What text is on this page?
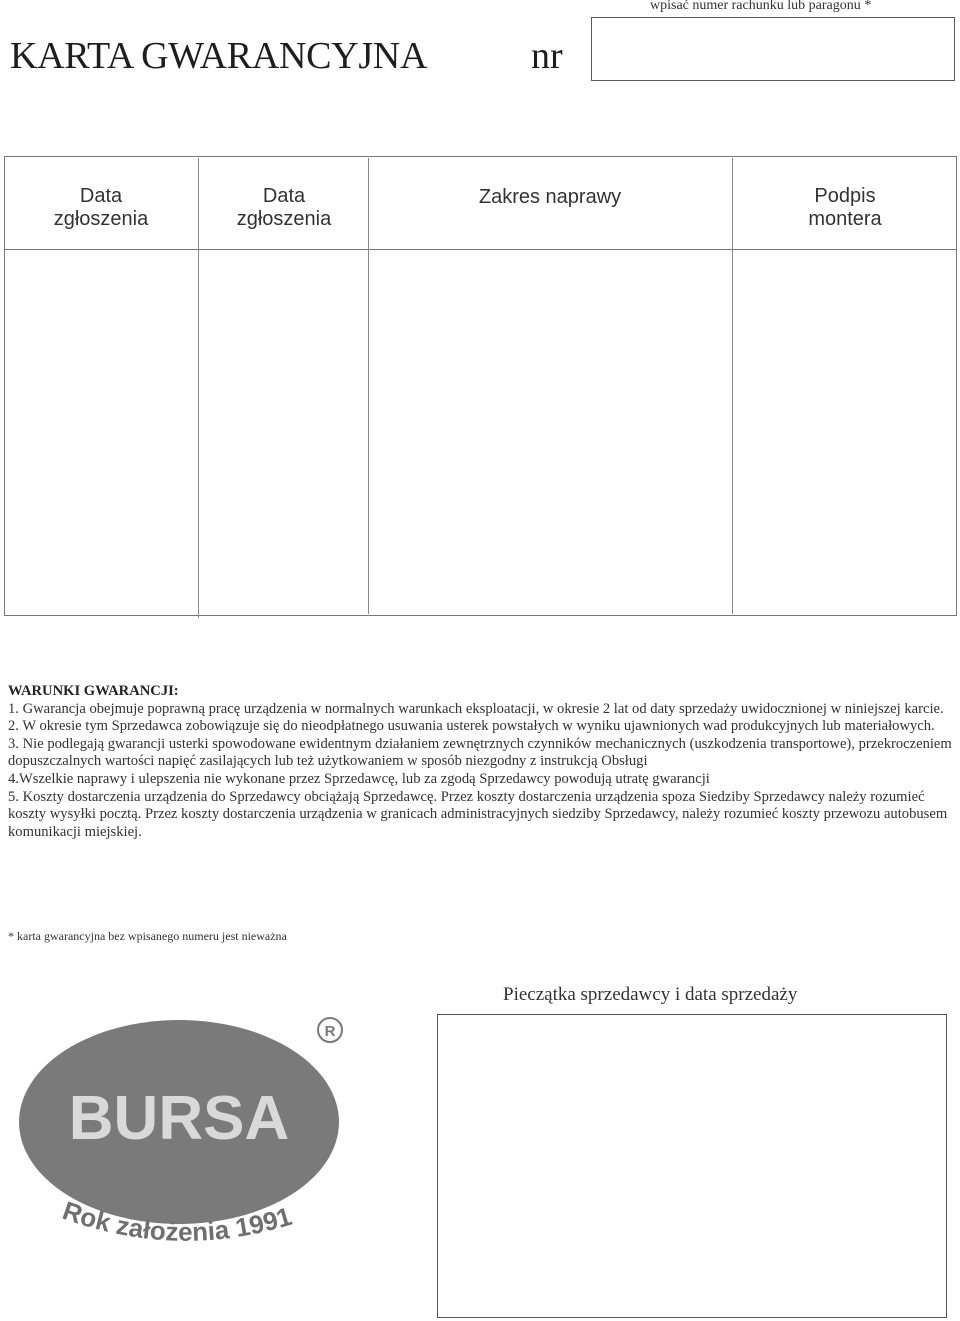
KARTA GWARANCYJNA	nr
wpisać numer rachunku lub paragonu *
Data
zgłoszenia
Data
zgłoszenia
Zakres naprawy	Podpis
montera

WARUNKI GWARANCJI:

1. Gwarancja obejmuje poprawną pracę urządzenia w normalnych warunkach eksploatacji, w okresie 2 lat od daty sprzedaży uwidocznionej w niniejszej karcie.

2. W okresie tym Sprzedawca zobowiązuje się do nieodpłatnego usuwania usterek powstałych w wyniku ujawnionych wad produkcyjnych lub materiałowych.

3. Nie podlegają gwarancji usterki spowodowane ewidentnym działaniem zewnętrznych czynników mechanicznych (uszkodzenia transportowe), przekroczeniem dopuszczalnych wartości napięć zasilających lub też użytkowaniem w sposób niezgodny z instrukcją Obsługi

4.Wszelkie naprawy i ulepszenia nie wykonane przez Sprzedawcę, lub za zgodą Sprzedawcy powodują utratę gwarancji

5. Koszty dostarczenia urządzenia do Sprzedawcy obciążają Sprzedawcę. Przez koszty dostarczenia urządzenia spoza Siedziby Sprzedawcy należy rozumieć koszty wysyłki pocztą. Przez koszty dostarczenia urządzenia w granicach administracyjnych siedziby Sprzedawcy, należy rozumieć koszty przewozu autobusem komunikacji miejskiej.

* karta gwarancyjna bez wpisanego numeru jest nieważna
Pieczątka sprzedawcy i data sprzedaży
BURSA
R
Rok założenia 1991
